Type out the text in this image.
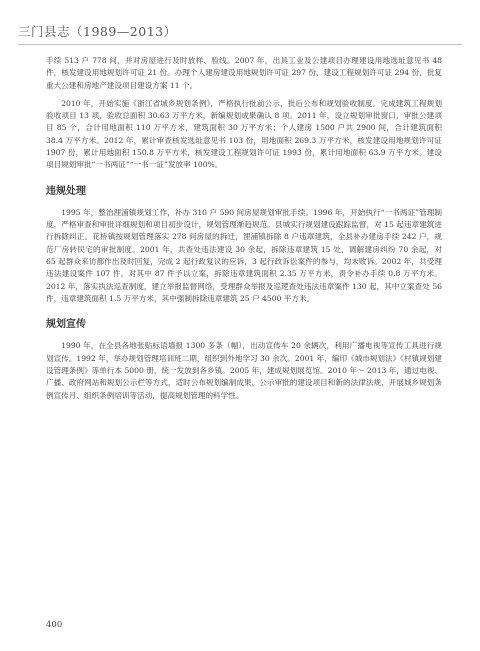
三门县志（1989—2013）

手续 513 户 778 间，并对房屋进行及时放样、验线。2007 年，出具工业及公建项目办理建设用地选址意见书 48 件，核发建设用地规划许可证 21 份。办理个人建房建设用地规划许可证 297 份，建设工程规划许可证 294 份，批复重大公建和房地产建设项目建设方案 11 个。

2010 年，开始实施《浙江省城乡规划条例》，严格执行批前公示、批后公布和规划验收制度。完成建筑工程规划验收项目 13 项，验收总面积 30.63 万平方米，新编规划成果确认 8 项。2011 年，设立规划审批窗口，审批公建项目 85 个，合计用地面积 110 万平方米，建筑面积 30 万平方米；个人建房 1500 户共 2900 间，合计建筑面积 38.4 万平方米。2012 年，累计审查核发选址意见书 103 份，用地面积 269.3 万平方米，核发建设用地规划许可证 1907 份，累计用地面积 150.8 万平方米，核发建设工程规划许可证 1993 份，累计用地面积 63.9 万平方米。建设项目规划审批“一书两证”“一书一证”发放率 100%。

违规处理

1995 年，整治浬浦镇规划工作，补办 310 户 590 间房屋规划审批手续。1996 年，开始执行“一书两证”管理制度，严格审查和审批详细规划和项目初步设计，规划管理渐趋规范。县城实行规划建设跟踪监督，对 15 起违章建筑进行拆除纠正。花桥镇按规划管理落实 278 间房屋的拆迁，浬浦镇拆除 8 户违章建筑，全县补办建房手续 242 户，规范厂房转民宅的审批制度。2001 年，共查处违法建设 30 余起，拆除违章建筑 15 处，调解建房纠纷 70 余起，对 65 起群众来访都作出及时回复，完成 2 起行政复议的应诉，3 起行政诉讼案件的参与，均未败诉。2002 年，共受理违法建设案件 107 件，对其中 87 件予以立案，拆除违章建筑面积 2.35 万平方米，责令补办手续 0.8 万平方米。2012 年，落实执法巡查制度，建立举报监督网络，受理群众举报及巡逻查处违法违章案件 130 起，其中立案查处 56 件，违章建筑面积 1.5 万平方米，其中强制拆除违章建筑 25 户 4500 平方米。

规划宣传

1990 年，在全县各地张贴标语墙报 1300 多条（幅），出动宣传车 20 余辆次，利用广播电视等宣传工具进行规划宣传。1992 年，举办规划管理培训班二期，组织到外地学习 30 余次。2001 年，编印《城市规划法》《村镇规划建设管理条例》等单行本 5000 册，统一发放到各乡镇。2005 年，建成规划展览馆。2010 年～ 2013 年，通过电视、广播、政府网站和规划公示栏等方式，适时公布规划编制成果，公示审批的建设项目和新的法律法规，开展城乡规划条例宣传月、组织条例培训等活动，提高规划管理的科学性。

400
